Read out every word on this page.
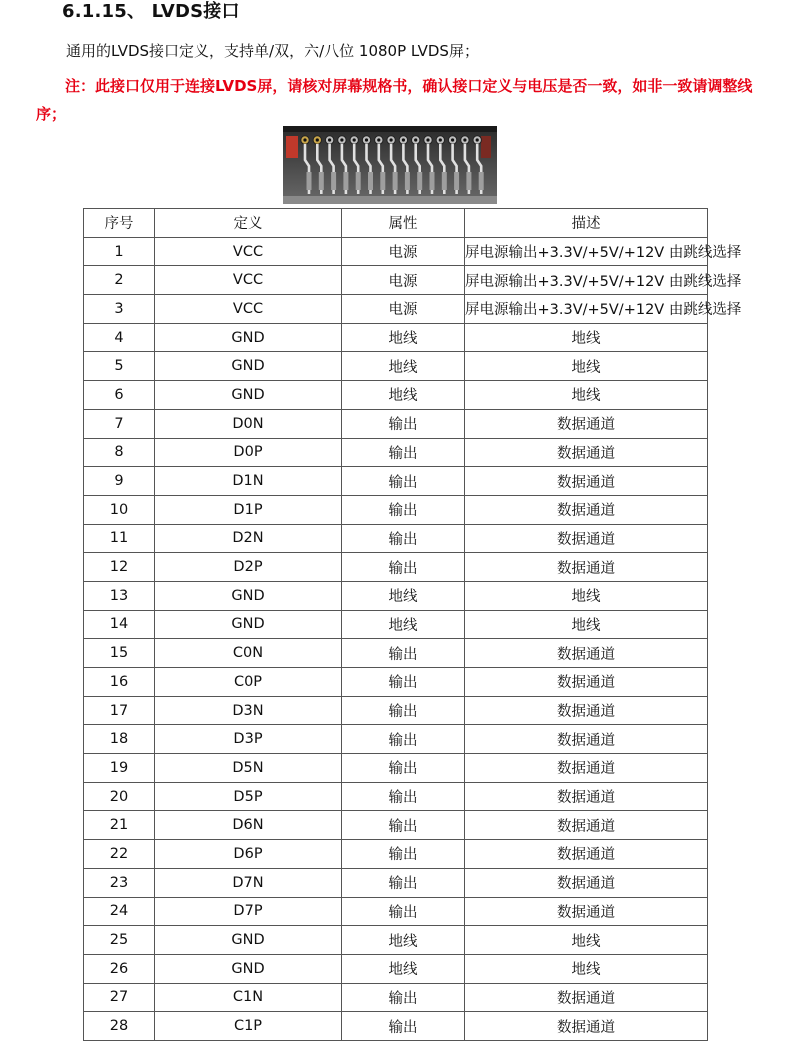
6.1.15、 LVDS接口
通用的LVDS接口定义，支持单/双，六/八位 1080P LVDS屏；
注：此接口仅用于连接LVDS屏，请核对屏幕规格书，确认接口定义与电压是否一致，如非一致请调整线序；
序号	定义	属性	描述
1	VCC	电源	屏电源输出+3.3V/+5V/+12V 由跳线选择
2	VCC	电源	屏电源输出+3.3V/+5V/+12V 由跳线选择
3	VCC	电源	屏电源输出+3.3V/+5V/+12V 由跳线选择
4	GND	地线	地线
5	GND	地线	地线
6	GND	地线	地线
7	D0N	输出	数据通道
8	D0P	输出	数据通道
9	D1N	输出	数据通道
10	D1P	输出	数据通道
11	D2N	输出	数据通道
12	D2P	输出	数据通道
13	GND	地线	地线
14	GND	地线	地线
15	C0N	输出	数据通道
16	C0P	输出	数据通道
17	D3N	输出	数据通道
18	D3P	输出	数据通道
19	D5N	输出	数据通道
20	D5P	输出	数据通道
21	D6N	输出	数据通道
22	D6P	输出	数据通道
23	D7N	输出	数据通道
24	D7P	输出	数据通道
25	GND	地线	地线
26	GND	地线	地线
27	C1N	输出	数据通道
28	C1P	输出	数据通道
